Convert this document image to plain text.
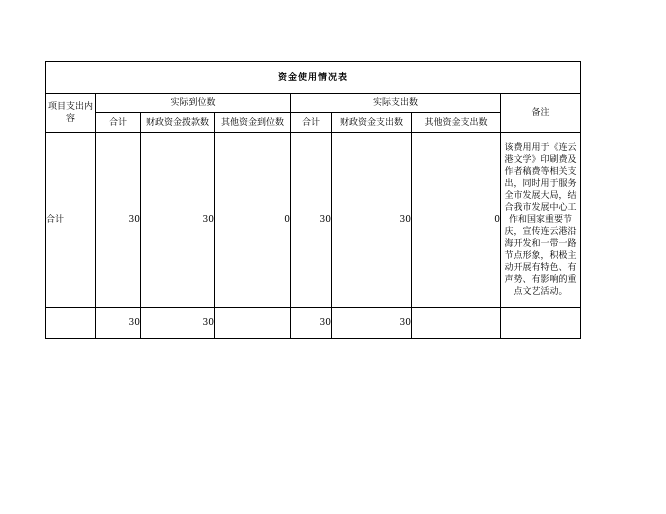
资金使用情况表							
项目支出内容	实际到位数			实际支出数			备注
	合计	财政资金拨款数	其他资金到位数	合计	财政资金支出数	其他资金支出数	
合计	30	30	0	30	30	0	该费用用于《连云港文学》印刷费及作者稿费等相关支出，同时用于服务全市发展大局，结合我市发展中心工作和国家重要节庆，宣传连云港沿海开发和一带一路节点形象，积极主动开展有特色、有声势、有影响的重点文艺活动。
	30	30		30	30		
